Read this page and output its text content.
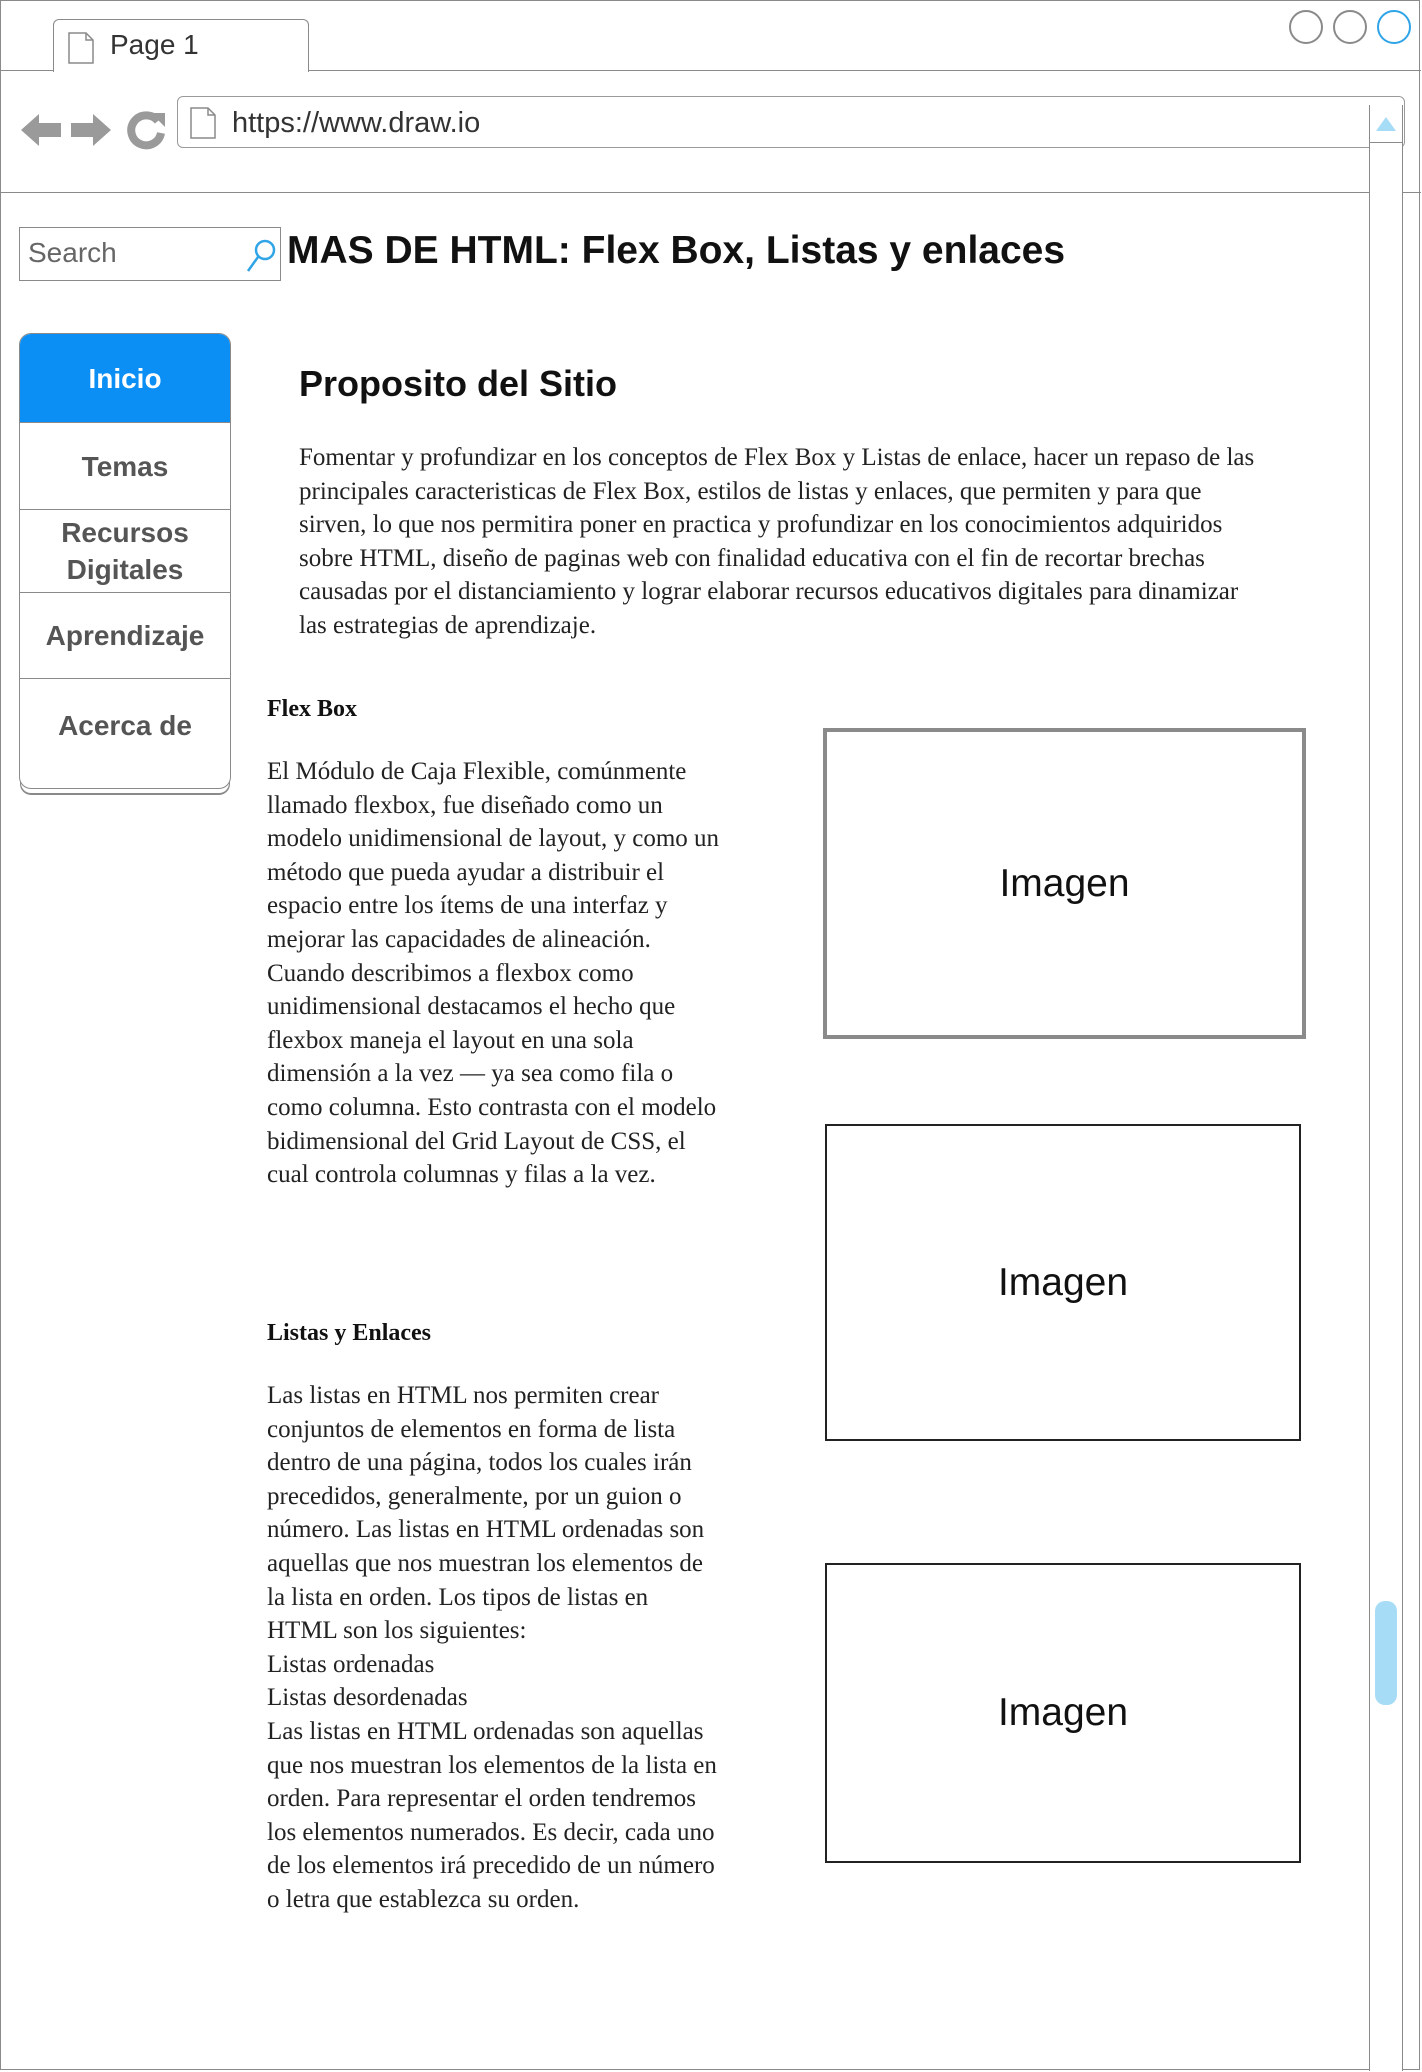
Page 1
https://www.draw.io
Search
MAS DE HTML: Flex Box, Listas y enlaces
Inicio
Temas
Recursos Digitales
Aprendizaje
Acerca de
Proposito del Sitio

Fomentar y profundizar en los conceptos de Flex Box y Listas de enlace, hacer un repaso de las principales caracteristicas de Flex Box, estilos de listas y enlaces, que permiten y para que sirven, lo que nos permitira poner en practica y profundizar en los conocimientos adquiridos sobre HTML, diseño de paginas web con finalidad educativa con el fin de recortar brechas causadas por el distanciamiento y lograr elaborar recursos educativos digitales para dinamizar las estrategias de aprendizaje.

Flex Box

El Módulo de Caja Flexible, comúnmente llamado flexbox, fue diseñado como un modelo unidimensional de layout, y como un método que pueda ayudar a distribuir el espacio entre los ítems de una interfaz y mejorar las capacidades de alineación. Cuando describimos a flexbox como unidimensional destacamos el hecho que flexbox maneja el layout en una sola dimensión a la vez — ya sea como fila o como columna. Esto contrasta con el modelo bidimensional del Grid Layout de CSS, el cual controla columnas y filas a la vez.

Listas y Enlaces
Las listas en HTML nos permiten crear conjuntos de elementos en forma de lista dentro de una página, todos los cuales irán precedidos, generalmente, por un guion o número. Las listas en HTML ordenadas son aquellas que nos muestran los elementos de la lista en orden. Los tipos de listas en HTML son los siguientes:
Listas ordenadas
Listas desordenadas
Las listas en HTML ordenadas son aquellas que nos muestran los elementos de la lista en orden. Para representar el orden tendremos los elementos numerados. Es decir, cada uno de los elementos irá precedido de un número o letra que establezca su orden.
Imagen
Imagen
Imagen
